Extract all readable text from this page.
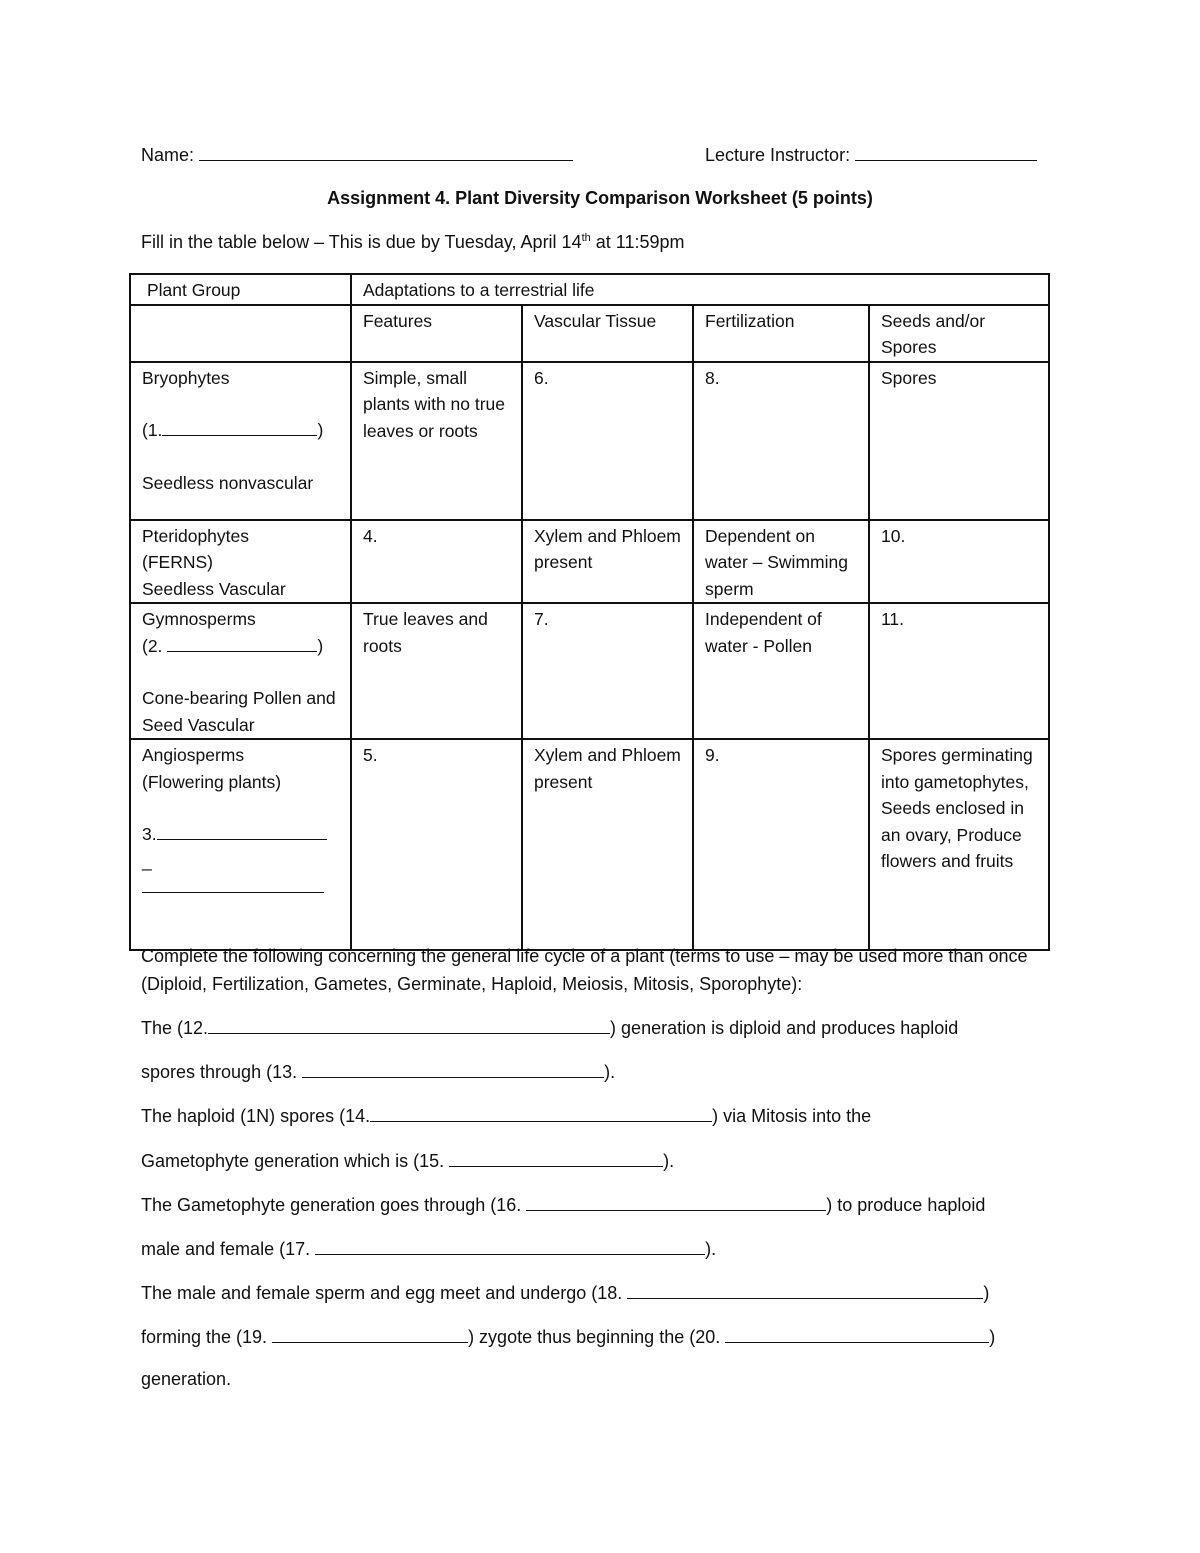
Name:	Lecture Instructor:
Assignment 4. Plant Diversity Comparison Worksheet (5 points)
Fill in the table below – This is due by Tuesday, April 14th at 11:59pm
Plant Group	Adaptations to a terrestrial life			
	Features	Vascular Tissue	Fertilization	Seeds and/or Spores

Bryophytes
(1. )
Seedless nonvascular	Simple, small plants with no true leaves or roots	6.	8.	Spores

Pteridophytes
(FERNS)
Seedless Vascular	4.	Xylem and Phloem present	Dependent on water – Swimming sperm	10.

Gymnosperms
(2. )
Cone-bearing Pollen and Seed Vascular	True leaves and roots	7.	Independent of water - Pollen	11.

Angiosperms
(Flowering plants)
3.
_	5.	Xylem and Phloem present	9.	Spores germinating into gametophytes, Seeds enclosed in an ovary, Produce flowers and fruits
Complete the following concerning the general life cycle of a plant (terms to use – may be used more than once (Diploid, Fertilization, Gametes, Germinate, Haploid, Meiosis, Mitosis, Sporophyte):
The (12.	) generation is diploid and produces haploid
spores through (13.	).
The haploid (1N) spores (14.	) via Mitosis into the
Gametophyte generation which is (15.	).
The Gametophyte generation goes through (16.	) to produce haploid
male and female (17.	).
The male and female sperm and egg meet and undergo (18.	)
forming the (19.	) zygote thus beginning the (20.	)
generation.
